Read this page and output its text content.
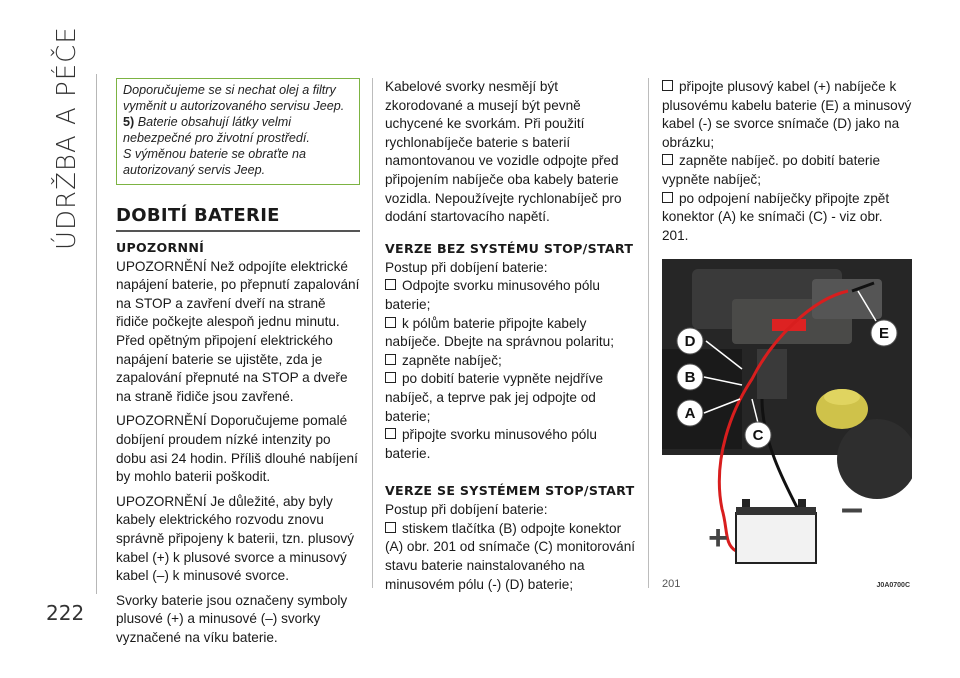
ÚDRŽBA A PÉČE
222

Doporučujeme se si nechat olej a filtry vyměnit u autorizovaného servisu Jeep.

5) Baterie obsahují látky velmi nebezpečné pro životní prostředí.

S výměnou baterie se obraťte na autorizovaný servis Jeep.

DOBITÍ BATERIE
UPOZORNNÍ

UPOZORNĚNÍ Než odpojíte elektrické napájení baterie, po přepnutí zapalování na STOP a zavření dveří na straně řidiče počkejte alespoň jednu minutu. Před opětným připojení elektrického napájení baterie se ujistěte, zda je zapalování přepnuté na STOP a dveře na straně řidiče jsou zavřené.

UPOZORNĚNÍ Doporučujeme pomalé dobíjení proudem nízké intenzity po dobu asi 24 hodin. Příliš dlouhé nabíjení by mohlo baterii poškodit.

UPOZORNĚNÍ Je důležité, aby byly kabely elektrického rozvodu znovu správně připojeny k baterii, tzn. plusový kabel (+) k plusové svorce a minusový kabel (–) k minusové svorce.

Svorky baterie jsou označeny symboly plusové (+) a minusové (–) svorky vyznačené na víku baterie.

Kabelové svorky nesmějí být zkorodované a musejí být pevně uchycené ke svorkám. Při použití rychlonabíječe baterie s baterií namontovanou ve vozidle odpojte před připojením nabíječe oba kabely baterie vozidla. Nepoužívejte rychlonabíječ pro dodání startovacího napětí.

VERZE BEZ SYSTÉMU STOP/START

Postup při dobíjení baterie:

Odpojte svorku minusového pólu baterie;

k pólům baterie připojte kabely nabíječe. Dbejte na správnou polaritu;

zapněte nabíječ;

po dobití baterie vypněte nejdříve nabíječ, a teprve pak jej odpojte od baterie;

připojte svorku minusového pólu baterie.

VERZE SE SYSTÉMEM STOP/START

Postup při dobíjení baterie:

stiskem tlačítka (B) odpojte konektor (A) obr. 201 od snímače (C) monitorování stavu baterie nainstalovaného na minusovém pólu (-) (D) baterie;

připojte plusový kabel (+) nabíječe k plusovému kabelu baterie (E) a minusový kabel (-) se svorce snímače (D) jako na obrázku;

zapněte nabíječ. po dobití baterie vypněte nabíječ;

po odpojení nabíječky připojte zpět konektor (A) ke snímači (C) - viz obr. 201.

D
B
A
C
E
+
–
201	J0A0700C
